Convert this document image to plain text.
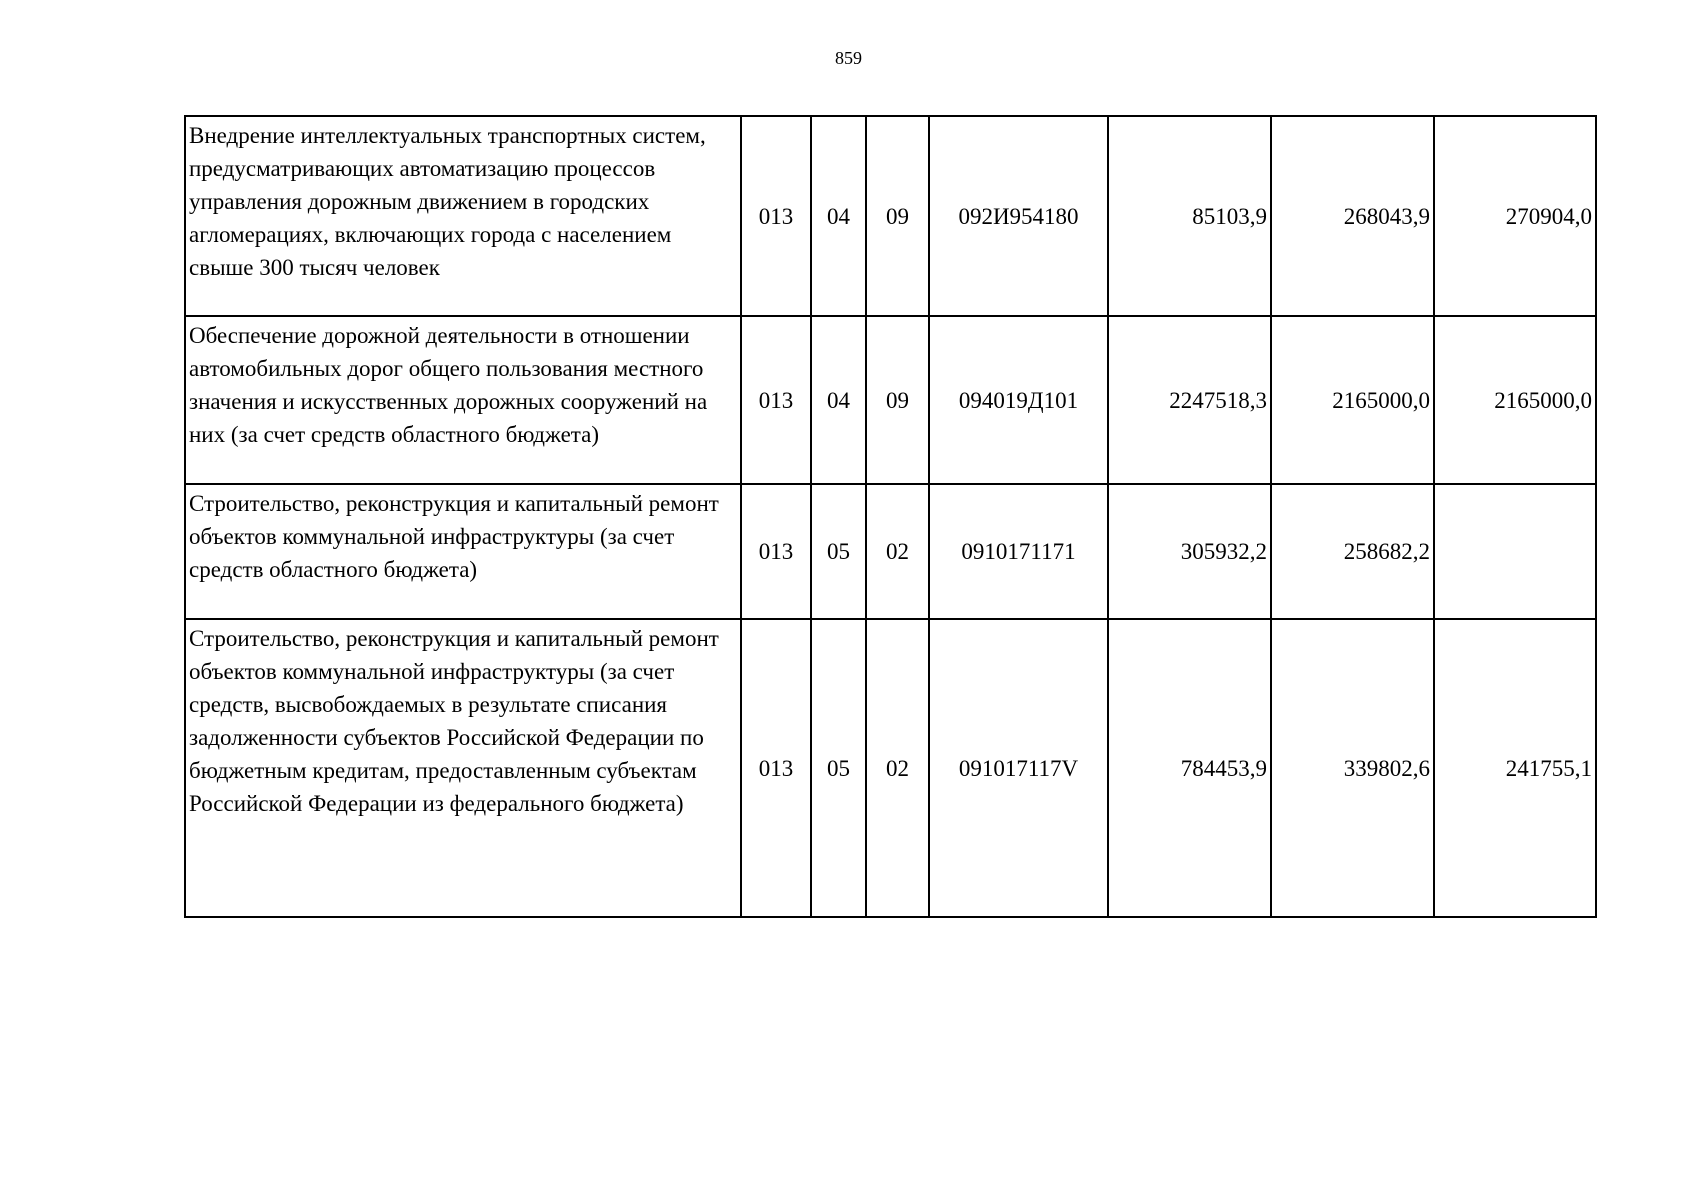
859
Внедрение интеллектуальных транспортных систем, предусматривающих автоматизацию процессов управления дорожным движением в городских агломерациях, включающих города с населением свыше 300 тысяч человек	013	04	09	092И954180	85103,9	268043,9	270904,0
Обеспечение дорожной деятельности в отношении автомобильных дорог общего пользования местного значения и искусственных дорожных сооружений на них (за счет средств областного бюджета)	013	04	09	094019Д101	2247518,3	2165000,0	2165000,0
Строительство, реконструкция и капитальный ремонт объектов коммунальной инфраструктуры (за счет средств областного бюджета)	013	05	02	0910171171	305932,2	258682,2	
Строительство, реконструкция и капитальный ремонт объектов коммунальной инфраструктуры (за счет средств, высвобождаемых в результате списания задолженности субъектов Российской Федерации по бюджетным кредитам, предоставленным субъектам Российской Федерации из федерального бюджета)	013	05	02	091017117V	784453,9	339802,6	241755,1
